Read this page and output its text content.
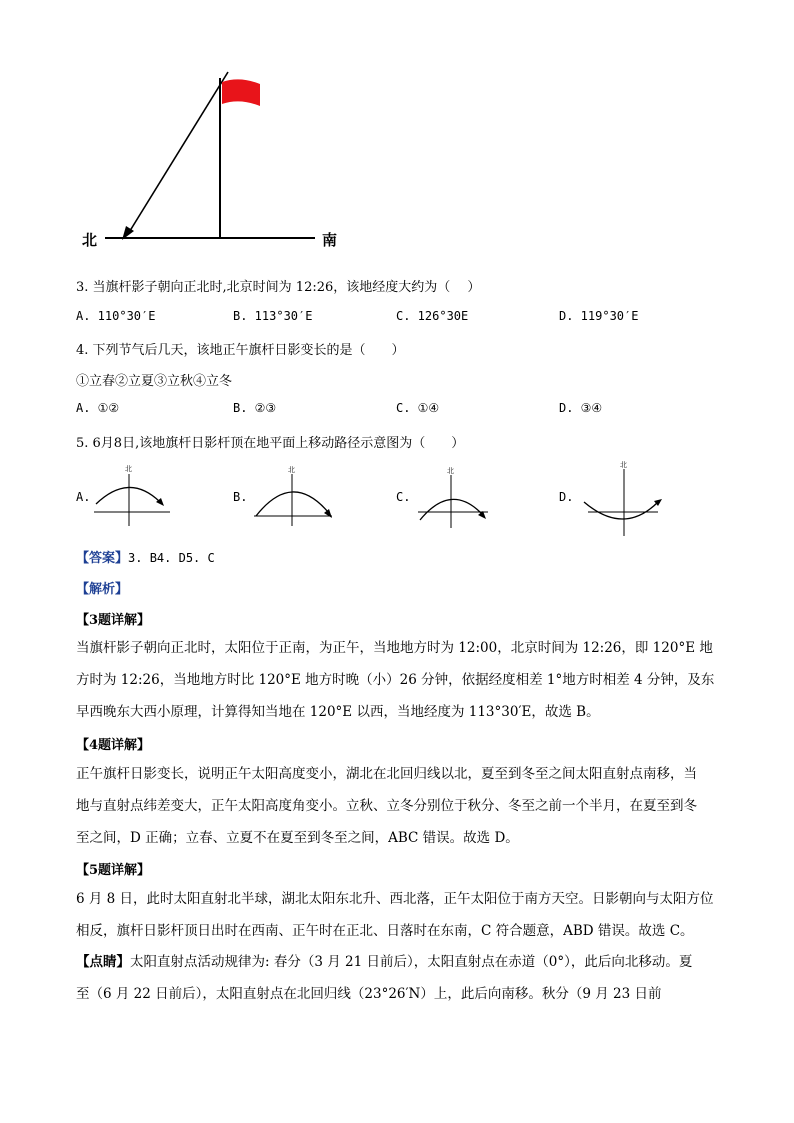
北	南
3. 当旗杆影子朝向正北时,北京时间为 12:26，该地经度大约为（　 ）
A. 110°30′E	B. 113°30′E	C. 126°30E	D. 119°30′E
4. 下列节气后几天，该地正午旗杆日影变长的是（　　）
①立春②立夏③立秋④立冬
A. ①②	B. ②③	C. ①④	D. ③④
5. 6月8日,该地旗杆日影杆顶在地平面上移动路径示意图为（　　）
A.
北
B.
北
C.
北
D.
北
【答案】3. B4. D5. C
【解析】
【3题详解】
当旗杆影子朝向正北时，太阳位于正南，为正午，当地地方时为 12:00，北京时间为 12:26，即 120°E 地
方时为 12:26，当地地方时比 120°E 地方时晚（小）26 分钟，依据经度相差 1°地方时相差 4 分钟，及东
早西晚东大西小原理，计算得知当地在 120°E 以西，当地经度为 113°30′E，故选 B。
【4题详解】
正午旗杆日影变长，说明正午太阳高度变小，湖北在北回归线以北，夏至到冬至之间太阳直射点南移，当
地与直射点纬差变大，正午太阳高度角变小。立秋、立冬分别位于秋分、冬至之前一个半月，在夏至到冬
至之间，D 正确；立春、立夏不在夏至到冬至之间，ABC 错误。故选 D。
【5题详解】
6 月 8 日，此时太阳直射北半球，湖北太阳东北升、西北落，正午太阳位于南方天空。日影朝向与太阳方位
相反，旗杆日影杆顶日出时在西南、正午时在正北、日落时在东南，C 符合题意，ABD 错误。故选 C。
【点睛】太阳直射点活动规律为: 春分（3 月 21 日前后），太阳直射点在赤道（0°），此后向北移动。夏
至（6 月 22 日前后），太阳直射点在北回归线（23°26′N）上，此后向南移。秋分（9 月 23 日前
